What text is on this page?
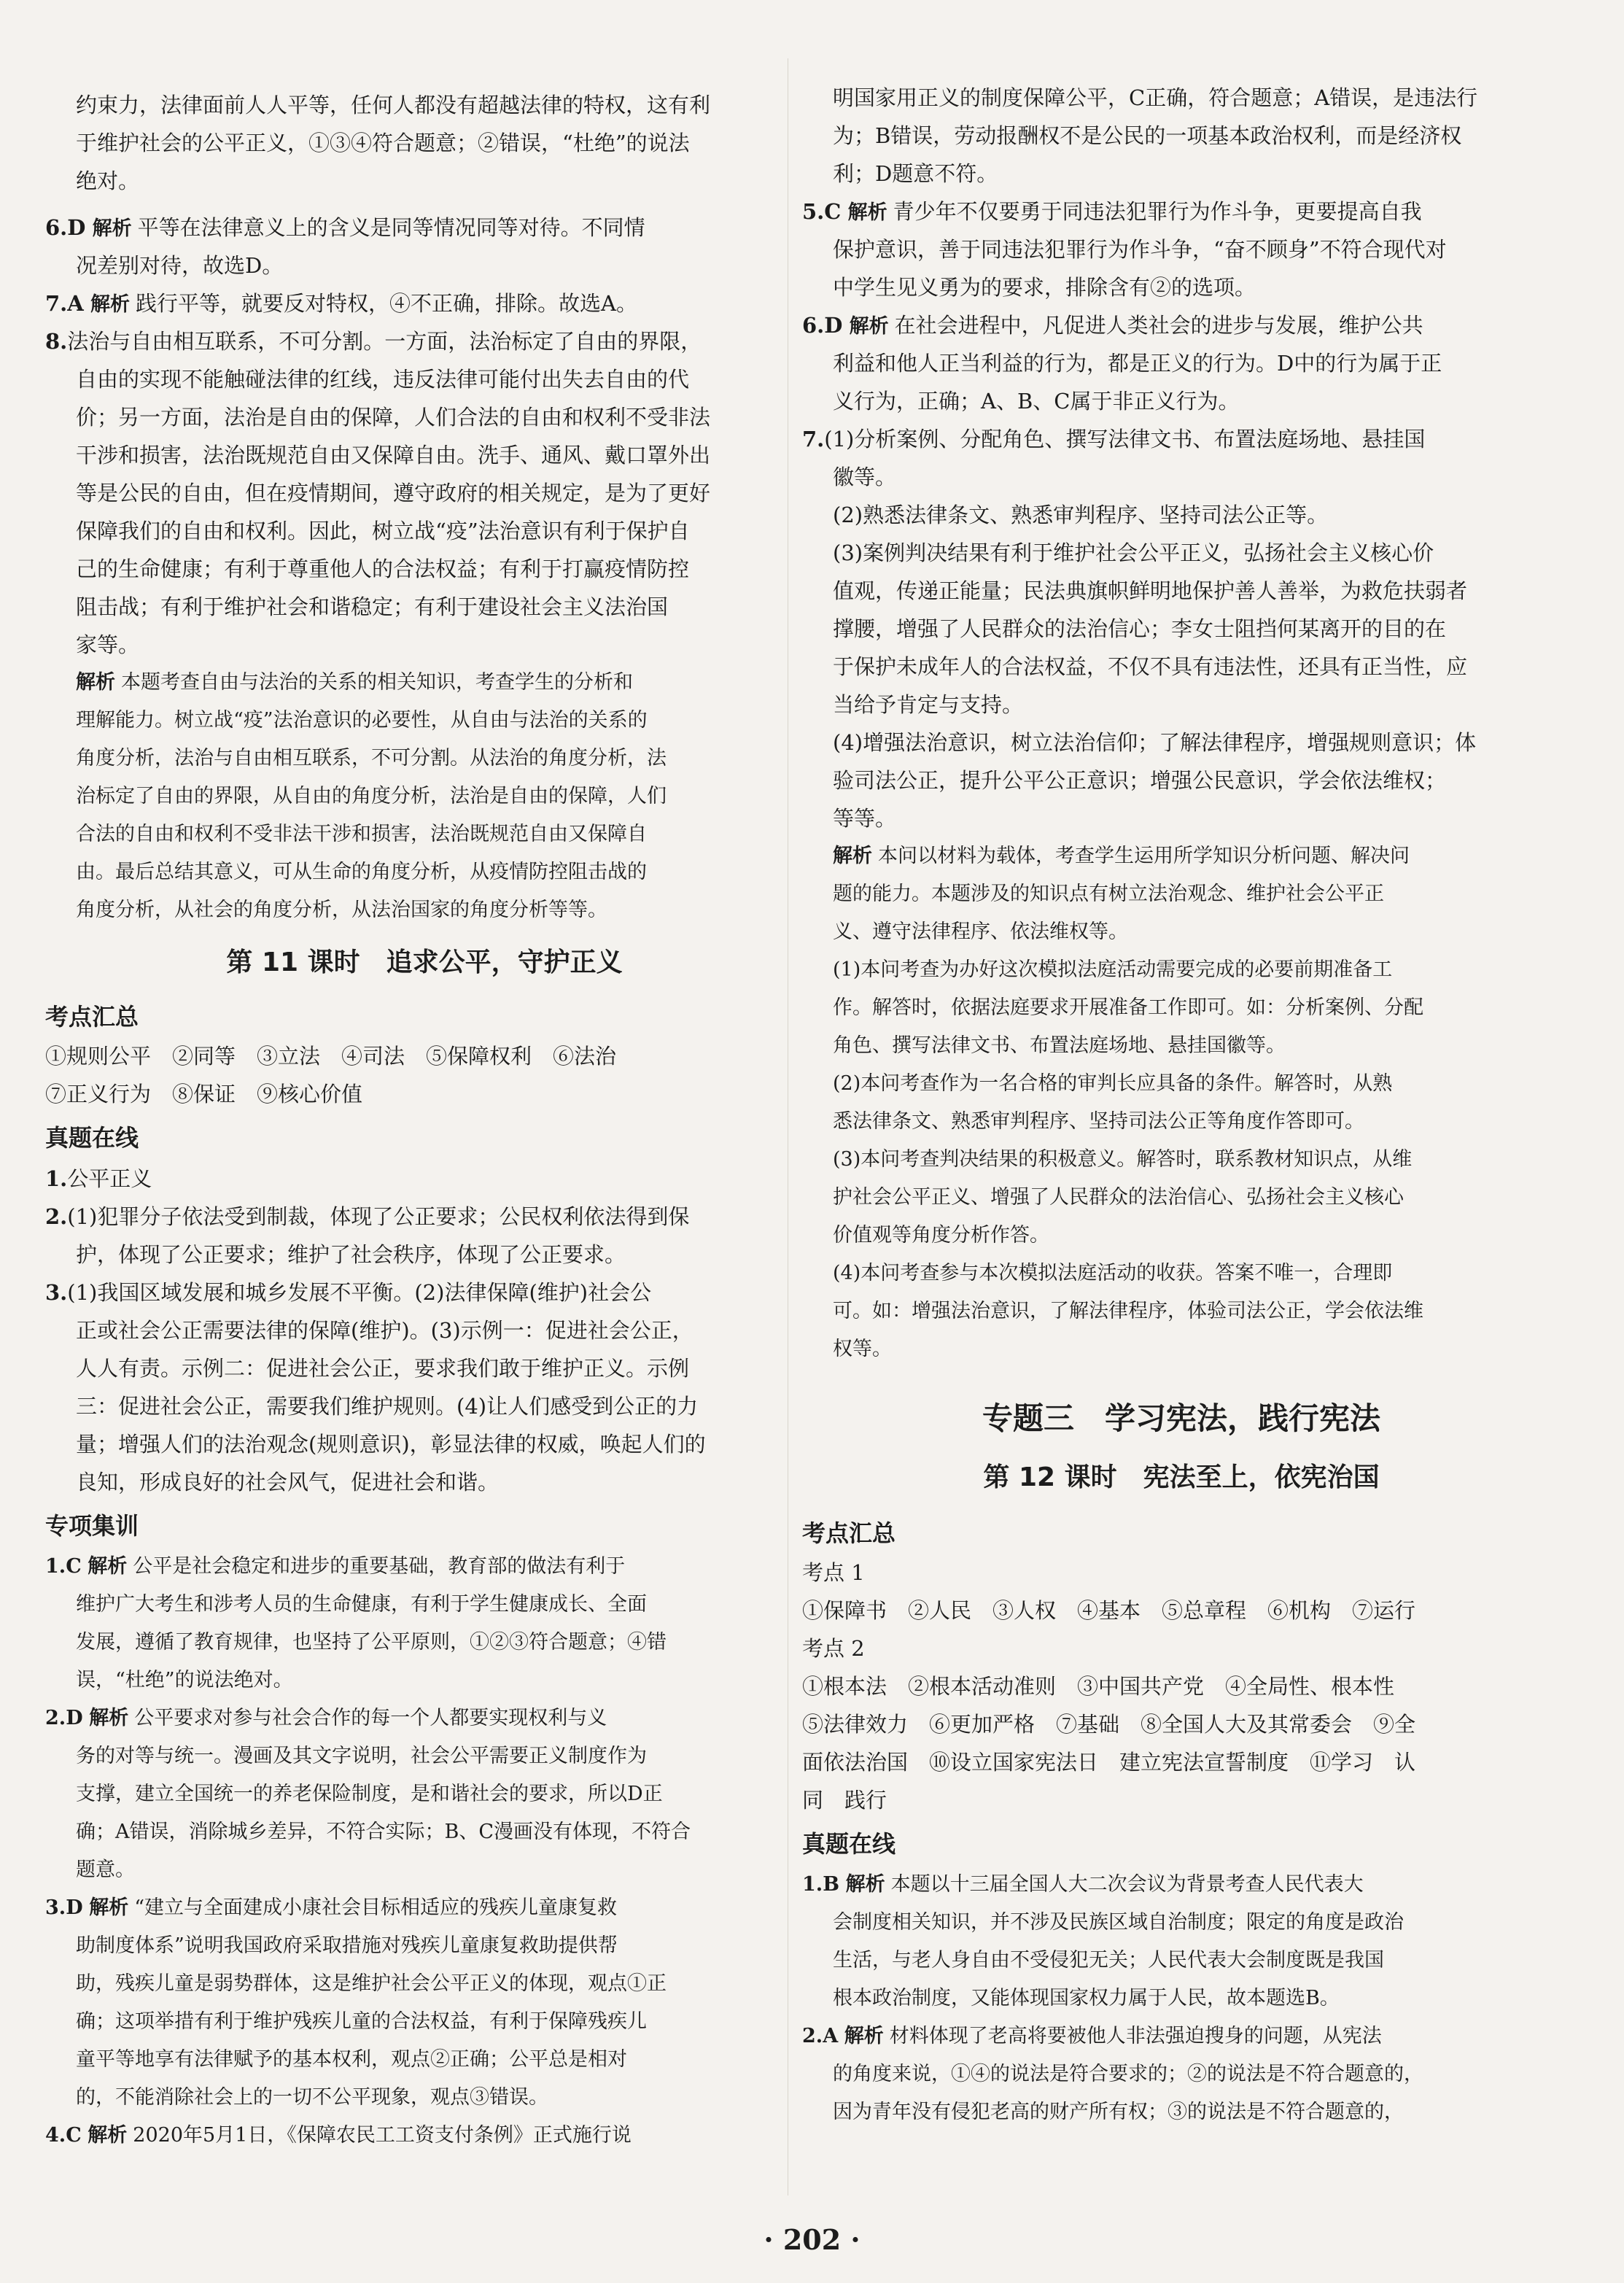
约束力，法律面前人人平等，任何人都没有超越法律的特权，这有利
于维护社会的公平正义，①③④符合题意；②错误，“杜绝”的说法
绝对。
6.D 解析 平等在法律意义上的含义是同等情况同等对待。不同情
况差别对待，故选D。
7.A 解析 践行平等，就要反对特权，④不正确，排除。故选A。
8.法治与自由相互联系，不可分割。一方面，法治标定了自由的界限，
自由的实现不能触碰法律的红线，违反法律可能付出失去自由的代
价；另一方面，法治是自由的保障，人们合法的自由和权利不受非法
干涉和损害，法治既规范自由又保障自由。洗手、通风、戴口罩外出
等是公民的自由，但在疫情期间，遵守政府的相关规定，是为了更好
保障我们的自由和权利。因此，树立战“疫”法治意识有利于保护自
己的生命健康；有利于尊重他人的合法权益；有利于打赢疫情防控
阻击战；有利于维护社会和谐稳定；有利于建设社会主义法治国
家等。
解析 本题考查自由与法治的关系的相关知识，考查学生的分析和
理解能力。树立战“疫”法治意识的必要性，从自由与法治的关系的
角度分析，法治与自由相互联系，不可分割。从法治的角度分析，法
治标定了自由的界限，从自由的角度分析，法治是自由的保障，人们
合法的自由和权利不受非法干涉和损害，法治既规范自由又保障自
由。最后总结其意义，可从生命的角度分析，从疫情防控阻击战的
角度分析，从社会的角度分析，从法治国家的角度分析等等。
第 11 课时　追求公平，守护正义
考点汇总
①规则公平　②同等　③立法　④司法　⑤保障权利　⑥法治
⑦正义行为　⑧保证　⑨核心价值
真题在线
1.公平正义
2.(1)犯罪分子依法受到制裁，体现了公正要求；公民权利依法得到保
护，体现了公正要求；维护了社会秩序，体现了公正要求。
3.(1)我国区域发展和城乡发展不平衡。(2)法律保障(维护)社会公
正或社会公正需要法律的保障(维护)。(3)示例一：促进社会公正，
人人有责。示例二：促进社会公正，要求我们敢于维护正义。示例
三：促进社会公正，需要我们维护规则。(4)让人们感受到公正的力
量；增强人们的法治观念(规则意识)，彰显法律的权威，唤起人们的
良知，形成良好的社会风气，促进社会和谐。
专项集训
1.C 解析 公平是社会稳定和进步的重要基础，教育部的做法有利于
维护广大考生和涉考人员的生命健康，有利于学生健康成长、全面
发展，遵循了教育规律，也坚持了公平原则，①②③符合题意；④错
误，“杜绝”的说法绝对。
2.D 解析 公平要求对参与社会合作的每一个人都要实现权利与义
务的对等与统一。漫画及其文字说明，社会公平需要正义制度作为
支撑，建立全国统一的养老保险制度，是和谐社会的要求，所以D正
确；A错误，消除城乡差异，不符合实际；B、C漫画没有体现，不符合
题意。
3.D 解析 “建立与全面建成小康社会目标相适应的残疾儿童康复救
助制度体系”说明我国政府采取措施对残疾儿童康复救助提供帮
助，残疾儿童是弱势群体，这是维护社会公平正义的体现，观点①正
确；这项举措有利于维护残疾儿童的合法权益，有利于保障残疾儿
童平等地享有法律赋予的基本权利，观点②正确；公平总是相对
的，不能消除社会上的一切不公平现象，观点③错误。
4.C 解析 2020年5月1日，《保障农民工工资支付条例》正式施行说
明国家用正义的制度保障公平，C正确，符合题意；A错误，是违法行
为；B错误，劳动报酬权不是公民的一项基本政治权利，而是经济权
利；D题意不符。
5.C 解析 青少年不仅要勇于同违法犯罪行为作斗争，更要提高自我
保护意识，善于同违法犯罪行为作斗争，“奋不顾身”不符合现代对
中学生见义勇为的要求，排除含有②的选项。
6.D 解析 在社会进程中，凡促进人类社会的进步与发展，维护公共
利益和他人正当利益的行为，都是正义的行为。D中的行为属于正
义行为，正确；A、B、C属于非正义行为。
7.(1)分析案例、分配角色、撰写法律文书、布置法庭场地、悬挂国
徽等。
(2)熟悉法律条文、熟悉审判程序、坚持司法公正等。
(3)案例判决结果有利于维护社会公平正义，弘扬社会主义核心价
值观，传递正能量；民法典旗帜鲜明地保护善人善举，为救危扶弱者
撑腰，增强了人民群众的法治信心；李女士阻挡何某离开的目的在
于保护未成年人的合法权益，不仅不具有违法性，还具有正当性，应
当给予肯定与支持。
(4)增强法治意识，树立法治信仰；了解法律程序，增强规则意识；体
验司法公正，提升公平公正意识；增强公民意识，学会依法维权；
等等。
解析 本问以材料为载体，考查学生运用所学知识分析问题、解决问
题的能力。本题涉及的知识点有树立法治观念、维护社会公平正
义、遵守法律程序、依法维权等。
(1)本问考查为办好这次模拟法庭活动需要完成的必要前期准备工
作。解答时，依据法庭要求开展准备工作即可。如：分析案例、分配
角色、撰写法律文书、布置法庭场地、悬挂国徽等。
(2)本问考查作为一名合格的审判长应具备的条件。解答时，从熟
悉法律条文、熟悉审判程序、坚持司法公正等角度作答即可。
(3)本问考查判决结果的积极意义。解答时，联系教材知识点，从维
护社会公平正义、增强了人民群众的法治信心、弘扬社会主义核心
价值观等角度分析作答。
(4)本问考查参与本次模拟法庭活动的收获。答案不唯一，合理即
可。如：增强法治意识，了解法律程序，体验司法公正，学会依法维
权等。
专题三　学习宪法，践行宪法
第 12 课时　宪法至上，依宪治国
考点汇总
考点 1
①保障书　②人民　③人权　④基本　⑤总章程　⑥机构　⑦运行
考点 2
①根本法　②根本活动准则　③中国共产党　④全局性、根本性
⑤法律效力　⑥更加严格　⑦基础　⑧全国人大及其常委会　⑨全
面依法治国　⑩设立国家宪法日　建立宪法宣誓制度　⑪学习　认
同　践行
真题在线
1.B 解析 本题以十三届全国人大二次会议为背景考查人民代表大
会制度相关知识，并不涉及民族区域自治制度；限定的角度是政治
生活，与老人身自由不受侵犯无关；人民代表大会制度既是我国
根本政治制度，又能体现国家权力属于人民，故本题选B。
2.A 解析 材料体现了老高将要被他人非法强迫搜身的问题，从宪法
的角度来说，①④的说法是符合要求的；②的说法是不符合题意的，
因为青年没有侵犯老高的财产所有权；③的说法是不符合题意的，
· 202 ·
